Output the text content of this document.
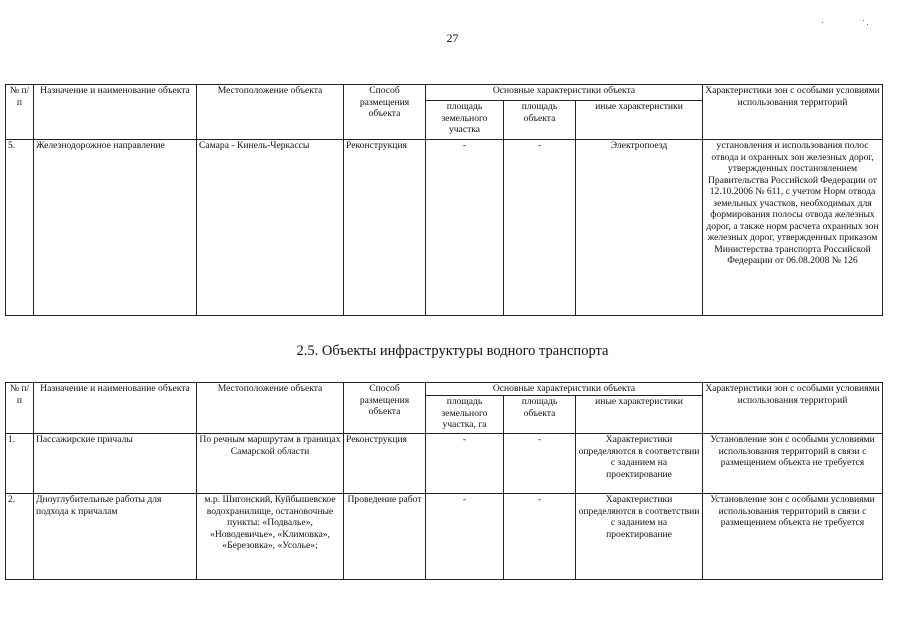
27
№ п/п	Назначение и наименование объекта	Местоположение объекта	Способ размещения объекта	Основные характеристики объекта			Характеристики зон с особыми условиями использования территорий
				площадь земельного участка	площадь объекта	иные характеристики	
5.	Железнодорожное направление	Самара - Кинель-Черкассы	Реконструкция	-	-	Электропоезд	установления и использования полос отвода и охранных зон железных дорог, утвержденных постановлением Правительства Российской Федерации от 12.10.2006 № 611, с учетом Норм отвода земельных участков, необходимых для формирования полосы отвода железных дорог, а также норм расчета охранных зон железных дорог, утвержденных приказом Министерства транспорта Российской Федерации от 06.08.2008 № 126
2.5. Объекты инфраструктуры водного транспорта
№ п/п	Назначение и наименование объекта	Местоположение объекта	Способ размещения объекта	Основные характеристики объекта			Характеристики зон с особыми условиями использования территорий
				площадь земельного участка, га	площадь объекта	иные характеристики	
1.	Пассажирские причалы	По речным маршрутам в границах Самарской области	Реконструкция	-	-	Характеристики определяются в соответствии с заданием на проектирование	Установление зон с особыми условиями использования территорий в связи с размещением объекта не требуется
2.	Дноуглубительные работы для подхода к причалам	м.р. Шигонский, Куйбышевское водохранилище, остановочные пункты: «Подвалье», «Новодевичье», «Климовка», «Березовка», «Усолье»;	Проведение работ	-	-	Характеристики определяются в соответствии с заданием на проектирование	Установление зон с особыми условиями использования территорий в связи с размещением объекта не требуется
